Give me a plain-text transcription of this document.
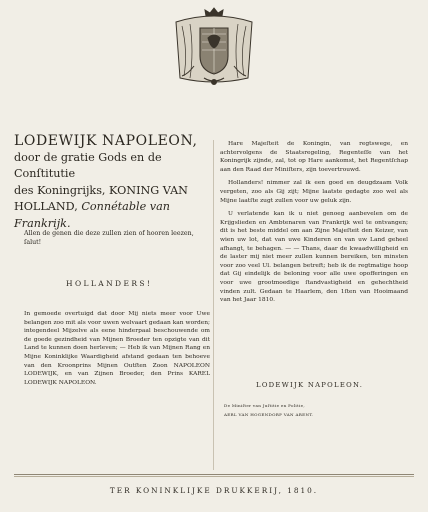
LODEWIJK NAPOLEON,
door de gratie Gods en de Conſtitutie
des Koningrijks, KONING VAN
HOLLAND, Connétable van Frankrijk.
Allen de genen die deze zullen zien of hooren leezen, ſalut!
HOLLANDERS!
In gemoede overtuigd dat door Mij niets meer voor Uwe belangen zoo mit als voor uwen welvaart gedaan kan worden; integendeel Mijzelve als eene hinderpaal beschouwende om de goede gezindheid van Mijnen Broeder ten opzigte van dit Land te kunnen doen herleven; — Heb ik van Mijnen Rang en Mijne Koninklijke Waardigheid afstand gedaan ten behoeve van den Kroonprins Mijnen Outſten Zoon NAPOLEON LODEWIJK, en van Zijnen Broeder, den Prins KAREL LODEWIJK NAPOLEON.

Hare Majeſteit de Koningin, van regtswege, en achtervolgens de Staatsregeling, Regenteſſe van het Koningrijk zijnde, zal, tot op Hare aankomst, het Regentſchap aan den Raad der Miniſters, zijn toevertrouwd.

Hollanders! nimmer zal ik een goed en deugdzaam Volk vergeten, zoo als Gij zijt; Mijne laatste gedagte zoo wel als Mijne laatſte zugt zullen voor uw geluk zijn.

U verlatende kan ik u niet genoeg aanbevelen om de Krijgslieden en Ambtenaren van Frankrijk wel te ontvangen; dit is het beste middel om aan Zijne Majeſteit den Keizer, van wien uw lot, dat van uwe Kinderen en van uw Land geheel afhangt, te behagen. — — Thans, daar de kwaadwilligheid en de laster mij niet meer zullen kunnen bereiken, ten minsten voor zoo veel Ul. belangen betreft; heb ik de regtmatige hoop dat Gij eindelijk de beloning voor alle uwe opofferingen en voor uwe grootmoedige ſtandvastigheid en gehechtheid vinden zult. Gedaan te Haarlem, den 1ſten van Hooimaand van het Jaar 1810.

LODEWIJK NAPOLEON.
De Miniſter van Juſtitie en Politie,
AERL VAN HOGENDORP VAN ARENT.
TER KONINKLIJKE DRUKKERIJ, 1810.
